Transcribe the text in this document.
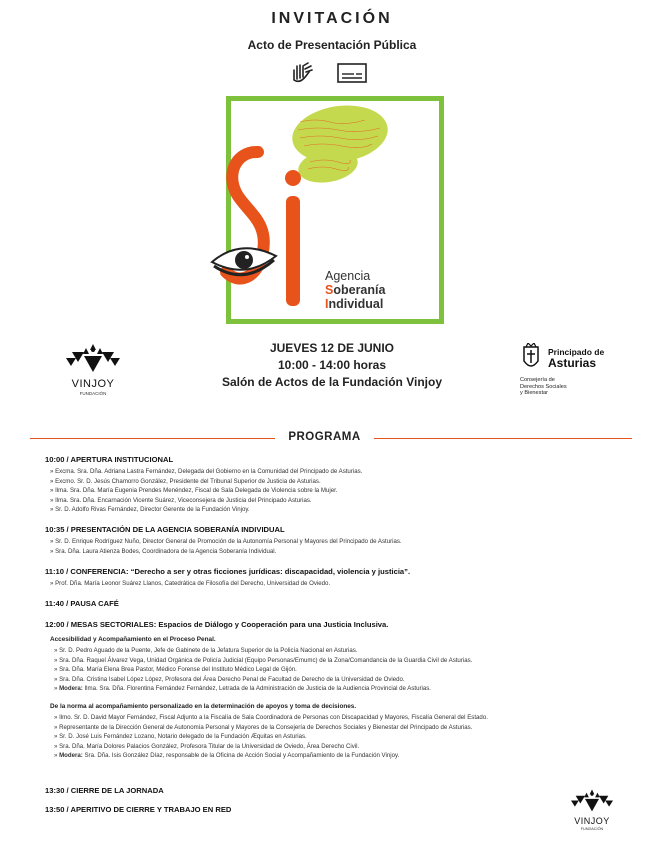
INVITACIÓN
Acto de Presentación Pública
Agencia
Soberanía
Individual
JUEVES 12 DE JUNIO
10:00 - 14:00 horas
Salón de Actos de la Fundación Vinjoy
VINJOY
FUNDACIÓN
Principado de
Asturias
Consejería de
Derechos Sociales
y Bienestar
PROGRAMA
10:00 / APERTURA INSTITUCIONAL
» Excma. Sra. Dña. Adriana Lastra Fernández, Delegada del Gobierno en la Comunidad del Principado de Asturias.
» Excmo. Sr. D. Jesús Chamorro González, Presidente del Tribunal Superior de Justicia de Asturias.
» Ilma. Sra. Dña. María Eugenia Prendes Menéndez, Fiscal de Sala Delegada de Violencia sobre la Mujer.
» Ilma. Sra. Dña. Encarnación Vicente Suárez, Viceconsejera de Justicia del Principado Asturias.
» Sr. D. Adolfo Rivas Fernández, Director Gerente de la Fundación Vinjoy.
10:35 / PRESENTACIÓN DE LA AGENCIA SOBERANÍA INDIVIDUAL
» Sr. D. Enrique Rodríguez Nuño, Director General de Promoción de la Autonomía Personal y Mayores del Principado de Asturias.
» Sra. Dña. Laura Atienza Bodes, Coordinadora de la Agencia Soberanía Individual.
11:10 / CONFERENCIA: “Derecho a ser y otras ficciones jurídicas: discapacidad, violencia y justicia”.
» Prof. Dña. María Leonor Suárez Llanos, Catedrática de Filosofía del Derecho, Universidad de Oviedo.
11:40 / PAUSA CAFÉ
12:00 / MESAS SECTORIALES: Espacios de Diálogo y Cooperación para una Justicia Inclusiva.
Accesibilidad y Acompañamiento en el Proceso Penal.
» Sr. D. Pedro Aguado de la Puente, Jefe de Gabinete de la Jefatura Superior de la Policía Nacional en Asturias.
» Sra. Dña. Raquel Álvarez Vega, Unidad Orgánica de Policía Judicial (Equipo Personas/Emumc) de la Zona/Comandancia de la Guardia Civil de Asturias.
» Sra. Dña. María Elena Brea Pastor, Médico Forense del Instituto Médico Legal de Gijón.
» Sra. Dña. Cristina Isabel López López, Profesora del Área Derecho Penal de Facultad de Derecho de la Universidad de Oviedo.
» Modera: Ilma. Sra. Dña. Florentina Fernández Fernández, Letrada de la Administración de Justicia de la Audiencia Provincial de Asturias.
De la norma al acompañamiento personalizado en la determinación de apoyos y toma de decisiones.
» Ilmo. Sr. D. David Mayor Fernández, Fiscal Adjunto a la Fiscalía de Sala Coordinadora de Personas con Discapacidad y Mayores, Fiscalía General del Estado.
» Representante de la Dirección General de Autonomía Personal y Mayores de la Consejería de Derechos Sociales y Bienestar del Principado de Asturias.
» Sr. D. José Luis Fernández Lozano, Notario delegado de la Fundación Æquitas en Asturias.
» Sra. Dña. María Dolores Palacios González, Profesora Titular de la Universidad de Oviedo, Área Derecho Civil.
» Modera: Sra. Dña. Isis González Díaz, responsable de la Oficina de Acción Social y Acompañamiento de la Fundación Vinjoy.
13:30 / CIERRE DE LA JORNADA
13:50 / APERITIVO DE CIERRE Y TRABAJO EN RED
VINJOY
FUNDACIÓN
